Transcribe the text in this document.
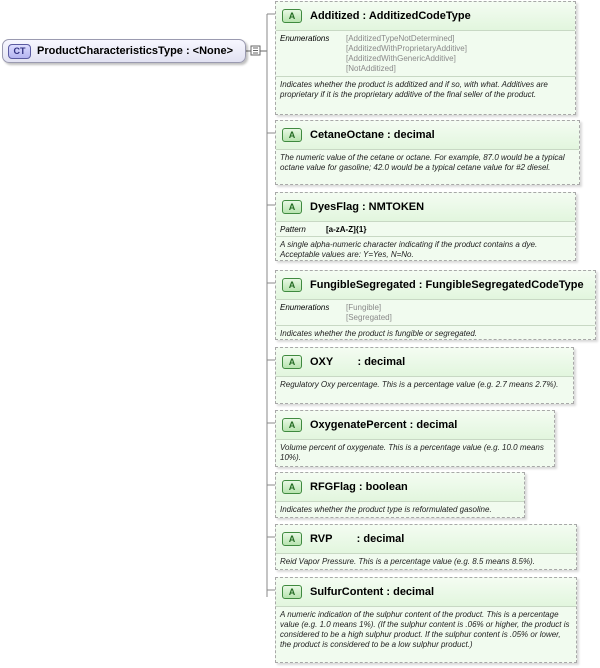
CT	ProductCharacteristicsType : <None>
A	Additized : AdditizedCodeType
Enumerations	[AdditizedTypeNotDetermined]
[AdditizedWithProprietaryAdditive]
[AdditizedWithGenericAdditive]
[NotAdditized]
Indicates whether the product is additized and if so, with what. Additives are proprietary if it is the proprietary additive of the final seller of the product.
A	CetaneOctane : decimal
The numeric value of the cetane or octane. For example, 87.0 would be a typical octane value for gasoline; 42.0 would be a typical cetane value for #2 diesel.
A	DyesFlag : NMTOKEN
Pattern	[a-zA-Z]{1}
A single alpha-numeric character indicating if the product contains a dye. Acceptable values are: Y=Yes, N=No.
A	FungibleSegregated : FungibleSegregatedCodeType
Enumerations	[Fungible]
[Segregated]
Indicates whether the product is fungible or segregated.
A	OXY        : decimal
Regulatory Oxy percentage. This is a percentage value (e.g. 2.7 means 2.7%).
A	OxygenatePercent : decimal
Volume percent of oxygenate. This is a percentage value (e.g. 10.0 means 10%).
A	RFGFlag : boolean
Indicates whether the product type is reformulated gasoline.
A	RVP        : decimal
Reid Vapor Pressure. This is a percentage value (e.g. 8.5 means 8.5%).
A	SulfurContent : decimal
A numeric indication of the sulphur content of the product. This is a percentage value (e.g. 1.0 means 1%). (If the sulphur content is .06% or higher, the product is considered to be a high sulphur product. If the sulphur content is .05% or lower, the product is considered to be a low sulphur product.)
